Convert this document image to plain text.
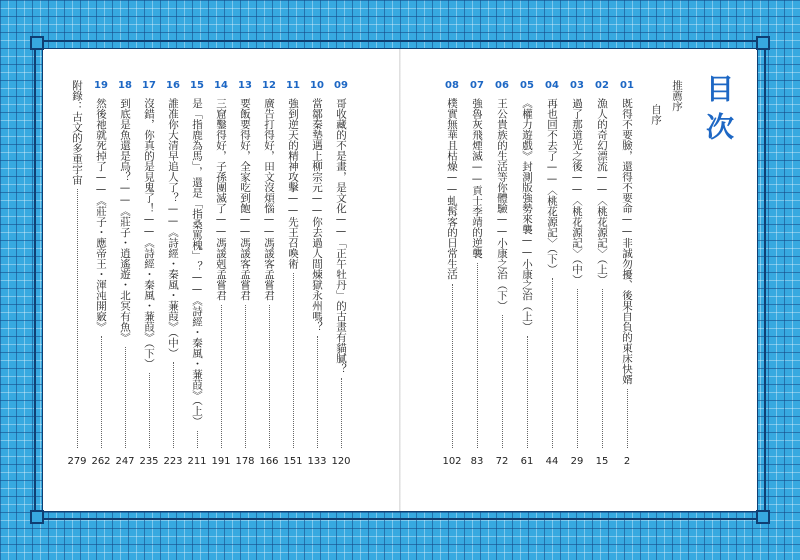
目次
推薦序
自序
01
既得不要臉，還得不要命——非誠勿擾、後果自負的東床快婿
2
02
漁人的奇幻漂流——〈桃花源記〉（上）
15
03
過了那道光之後——〈桃花源記〉（中）
29
04
再也回不去了——〈桃花源記〉（下）
44
05
《權力遊戲》封測版強勢來襲——小康之治（上）
61
06
王公貴族的生活等你體驗——小康之治（下）
72
07
強魯灰飛煙滅——貢士李靖的逆襲
83
08
樸實無華且枯燥——虬髯客的日常生活
102
09
哥收藏的不是畫，是文化——「正午牡丹」的古畫有貓膩？
120
10
當鄒秦墊遇上柳宗元——你去過人間煉獄永州嗎？
133
11
強到逆天的精神攻擊——先王召喚術
151
12
廣告打得好，田文沒煩惱——馮諼客孟嘗君
166
13
要飯要得好，全家吃到飽——馮諼客孟嘗君
178
14
三窟鑿得好，子孫團滅了——馮諼剋孟嘗君
191
15
是「指鹿為馬」，還是「指桑罵槐」？——《詩經・秦風・蒹葭》（上）
211
16
誰准你大清早追人了？——《詩經・秦風・蒹葭》（中）
223
17
沒錯，你真的是見鬼了！——《詩經・秦風・蒹葭》（下）
235
18
到底是魚還是鳥？——《莊子・逍遙遊・北冥有魚》
247
19
然後祂就死掉了——《莊子・應帝王・渾沌開竅》
262
附錄：古文的多重宇宙
279
